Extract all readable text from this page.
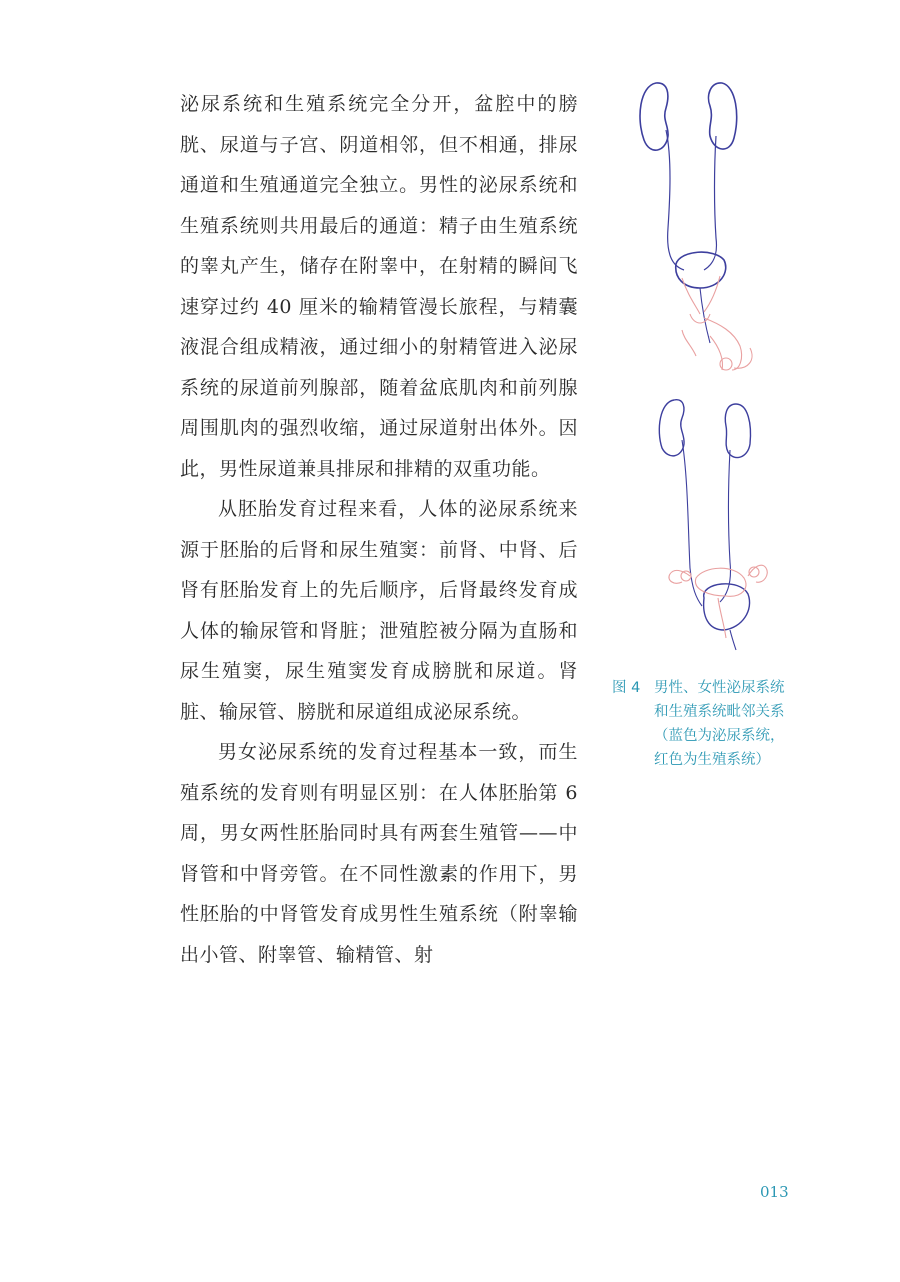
泌尿系统和生殖系统完全分开，盆腔中的膀胱、尿道与子宫、阴道相邻，但不相通，排尿通道和生殖通道完全独立。男性的泌尿系统和生殖系统则共用最后的通道：精子由生殖系统的睾丸产生，储存在附睾中，在射精的瞬间飞速穿过约 40 厘米的输精管漫长旅程，与精囊液混合组成精液，通过细小的射精管进入泌尿系统的尿道前列腺部，随着盆底肌肉和前列腺周围肌肉的强烈收缩，通过尿道射出体外。因此，男性尿道兼具排尿和排精的双重功能。

从胚胎发育过程来看，人体的泌尿系统来源于胚胎的后肾和尿生殖窦：前肾、中肾、后肾有胚胎发育上的先后顺序，后肾最终发育成人体的输尿管和肾脏；泄殖腔被分隔为直肠和尿生殖窦，尿生殖窦发育成膀胱和尿道。肾脏、输尿管、膀胱和尿道组成泌尿系统。

男女泌尿系统的发育过程基本一致，而生殖系统的发育则有明显区别：在人体胚胎第 6 周，男女两性胚胎同时具有两套生殖管——中肾管和中肾旁管。在不同性激素的作用下，男性胚胎的中肾管发育成男性生殖系统（附睾输出小管、附睾管、输精管、射

图 4 男性、女性泌尿系统
和生殖系统毗邻关系
（蓝色为泌尿系统，
红色为生殖系统）
013
